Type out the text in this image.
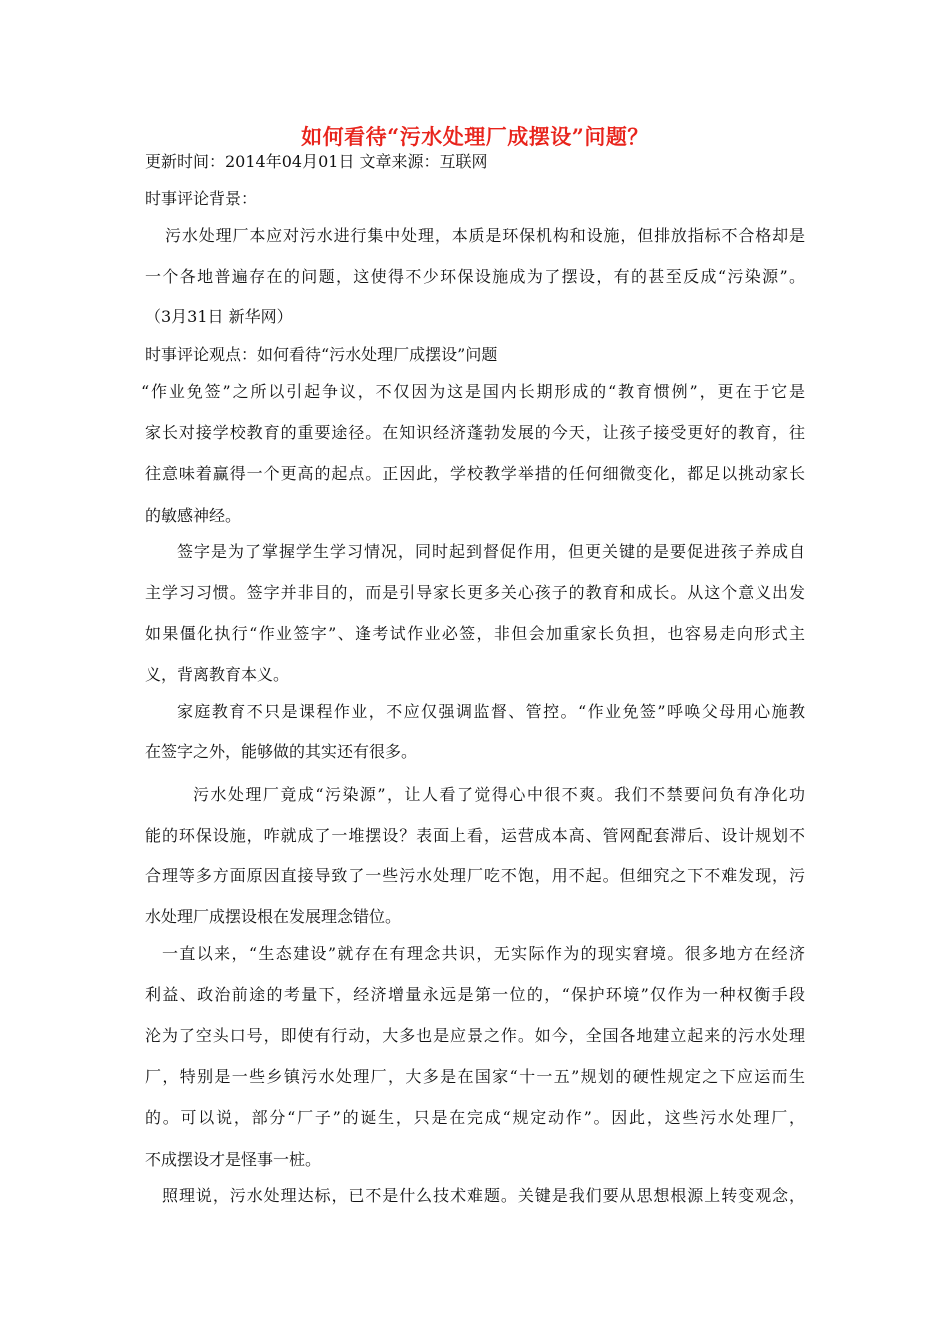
如何看待“污水处理厂成摆设”问题？
更新时间：2014年04月01日 文章来源：互联网
时事评论背景：
污水处理厂本应对污水进行集中处理，本质是环保机构和设施，但排放指标不合格却是
一个各地普遍存在的问题，这使得不少环保设施成为了摆设，有的甚至反成“污染源”。
（3月31日 新华网）
时事评论观点：如何看待“污水处理厂成摆设”问题
“作业免签”之所以引起争议，不仅因为这是国内长期形成的“教育惯例”，更在于它是
家长对接学校教育的重要途径。在知识经济蓬勃发展的今天，让孩子接受更好的教育，往
往意味着赢得一个更高的起点。正因此，学校教学举措的任何细微变化，都足以挑动家长
的敏感神经。
签字是为了掌握学生学习情况，同时起到督促作用，但更关键的是要促进孩子养成自
主学习习惯。签字并非目的，而是引导家长更多关心孩子的教育和成长。从这个意义出发
如果僵化执行“作业签字”、逢考试作业必签，非但会加重家长负担，也容易走向形式主
义，背离教育本义。
家庭教育不只是课程作业，不应仅强调监督、管控。“作业免签”呼唤父母用心施教
在签字之外，能够做的其实还有很多。
污水处理厂竟成“污染源”，让人看了觉得心中很不爽。我们不禁要问负有净化功
能的环保设施，咋就成了一堆摆设？表面上看，运营成本高、管网配套滞后、设计规划不
合理等多方面原因直接导致了一些污水处理厂吃不饱，用不起。但细究之下不难发现，污
水处理厂成摆设根在发展理念错位。
一直以来，“生态建设”就存在有理念共识，无实际作为的现实窘境。很多地方在经济
利益、政治前途的考量下，经济增量永远是第一位的，“保护环境”仅作为一种权衡手段
沦为了空头口号，即使有行动，大多也是应景之作。如今，全国各地建立起来的污水处理
厂，特别是一些乡镇污水处理厂，大多是在国家“十一五”规划的硬性规定之下应运而生
的。可以说，部分“厂子”的诞生，只是在完成“规定动作”。因此，这些污水处理厂，
不成摆设才是怪事一桩。
照理说，污水处理达标，已不是什么技术难题。关键是我们要从思想根源上转变观念，
